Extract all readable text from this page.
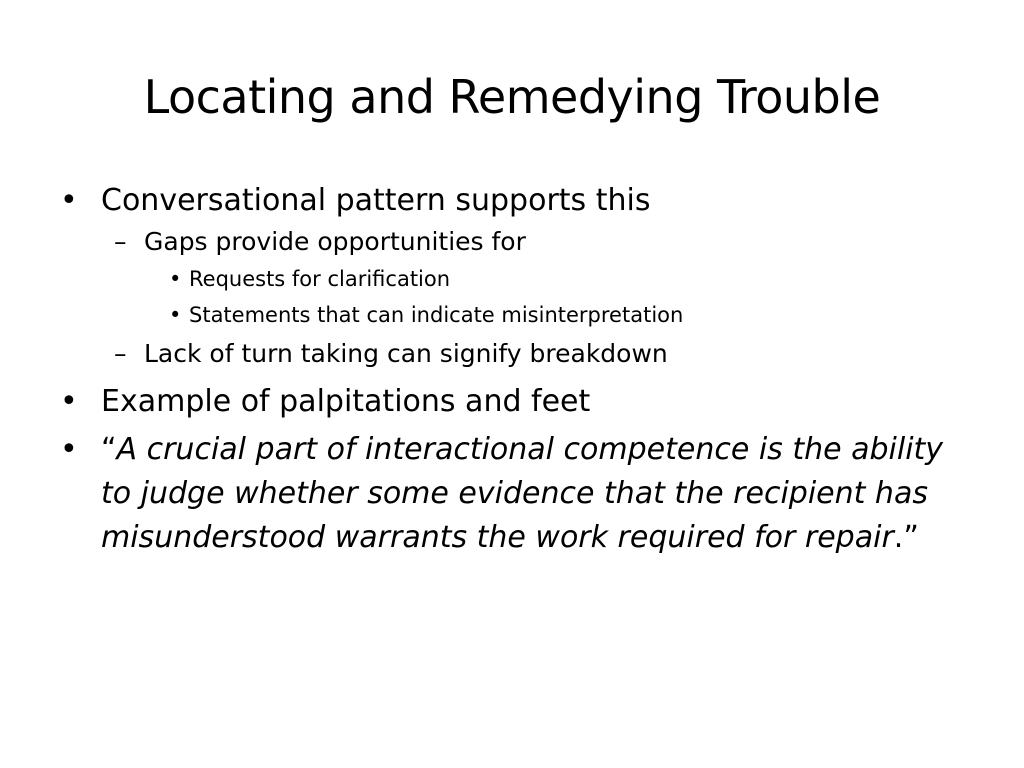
Locating and Remedying Trouble
• Conversational pattern supports this
– Gaps provide opportunities for
• Requests for clarification
• Statements that can indicate misinterpretation
– Lack of turn taking can signify breakdown
• Example of palpitations and feet
• “A crucial part of interactional competence is the ability to judge whether some evidence that the recipient has misunderstood warrants the work required for repair.”
